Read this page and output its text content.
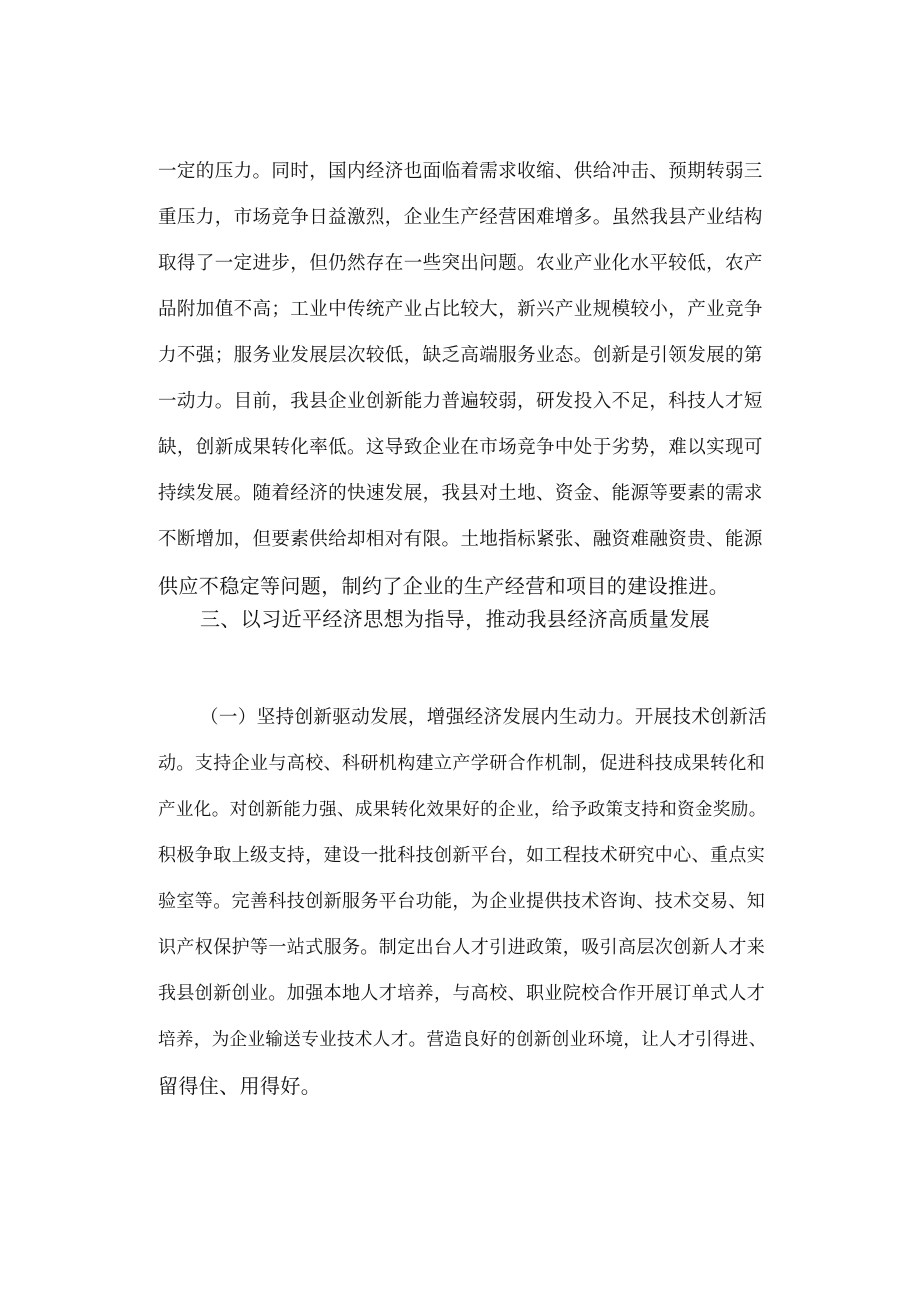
一定的压力。同时，国内经济也面临着需求收缩、供给冲击、预期转弱三
重压力，市场竞争日益激烈，企业生产经营困难增多。虽然我县产业结构
取得了一定进步，但仍然存在一些突出问题。农业产业化水平较低，农产
品附加值不高；工业中传统产业占比较大，新兴产业规模较小，产业竞争
力不强；服务业发展层次较低，缺乏高端服务业态。创新是引领发展的第
一动力。目前，我县企业创新能力普遍较弱，研发投入不足，科技人才短
缺，创新成果转化率低。这导致企业在市场竞争中处于劣势，难以实现可
持续发展。随着经济的快速发展，我县对土地、资金、能源等要素的需求
不断增加，但要素供给却相对有限。土地指标紧张、融资难融资贵、能源
供应不稳定等问题，制约了企业的生产经营和项目的建设推进。
三、以习近平经济思想为指导，推动我县经济高质量发展
（一）坚持创新驱动发展，增强经济发展内生动力。开展技术创新活
动。支持企业与高校、科研机构建立产学研合作机制，促进科技成果转化和
产业化。对创新能力强、成果转化效果好的企业，给予政策支持和资金奖励。
积极争取上级支持，建设一批科技创新平台，如工程技术研究中心、重点实
验室等。完善科技创新服务平台功能，为企业提供技术咨询、技术交易、知
识产权保护等一站式服务。制定出台人才引进政策，吸引高层次创新人才来
我县创新创业。加强本地人才培养，与高校、职业院校合作开展订单式人才
培养，为企业输送专业技术人才。营造良好的创新创业环境，让人才引得进、
留得住、用得好。
